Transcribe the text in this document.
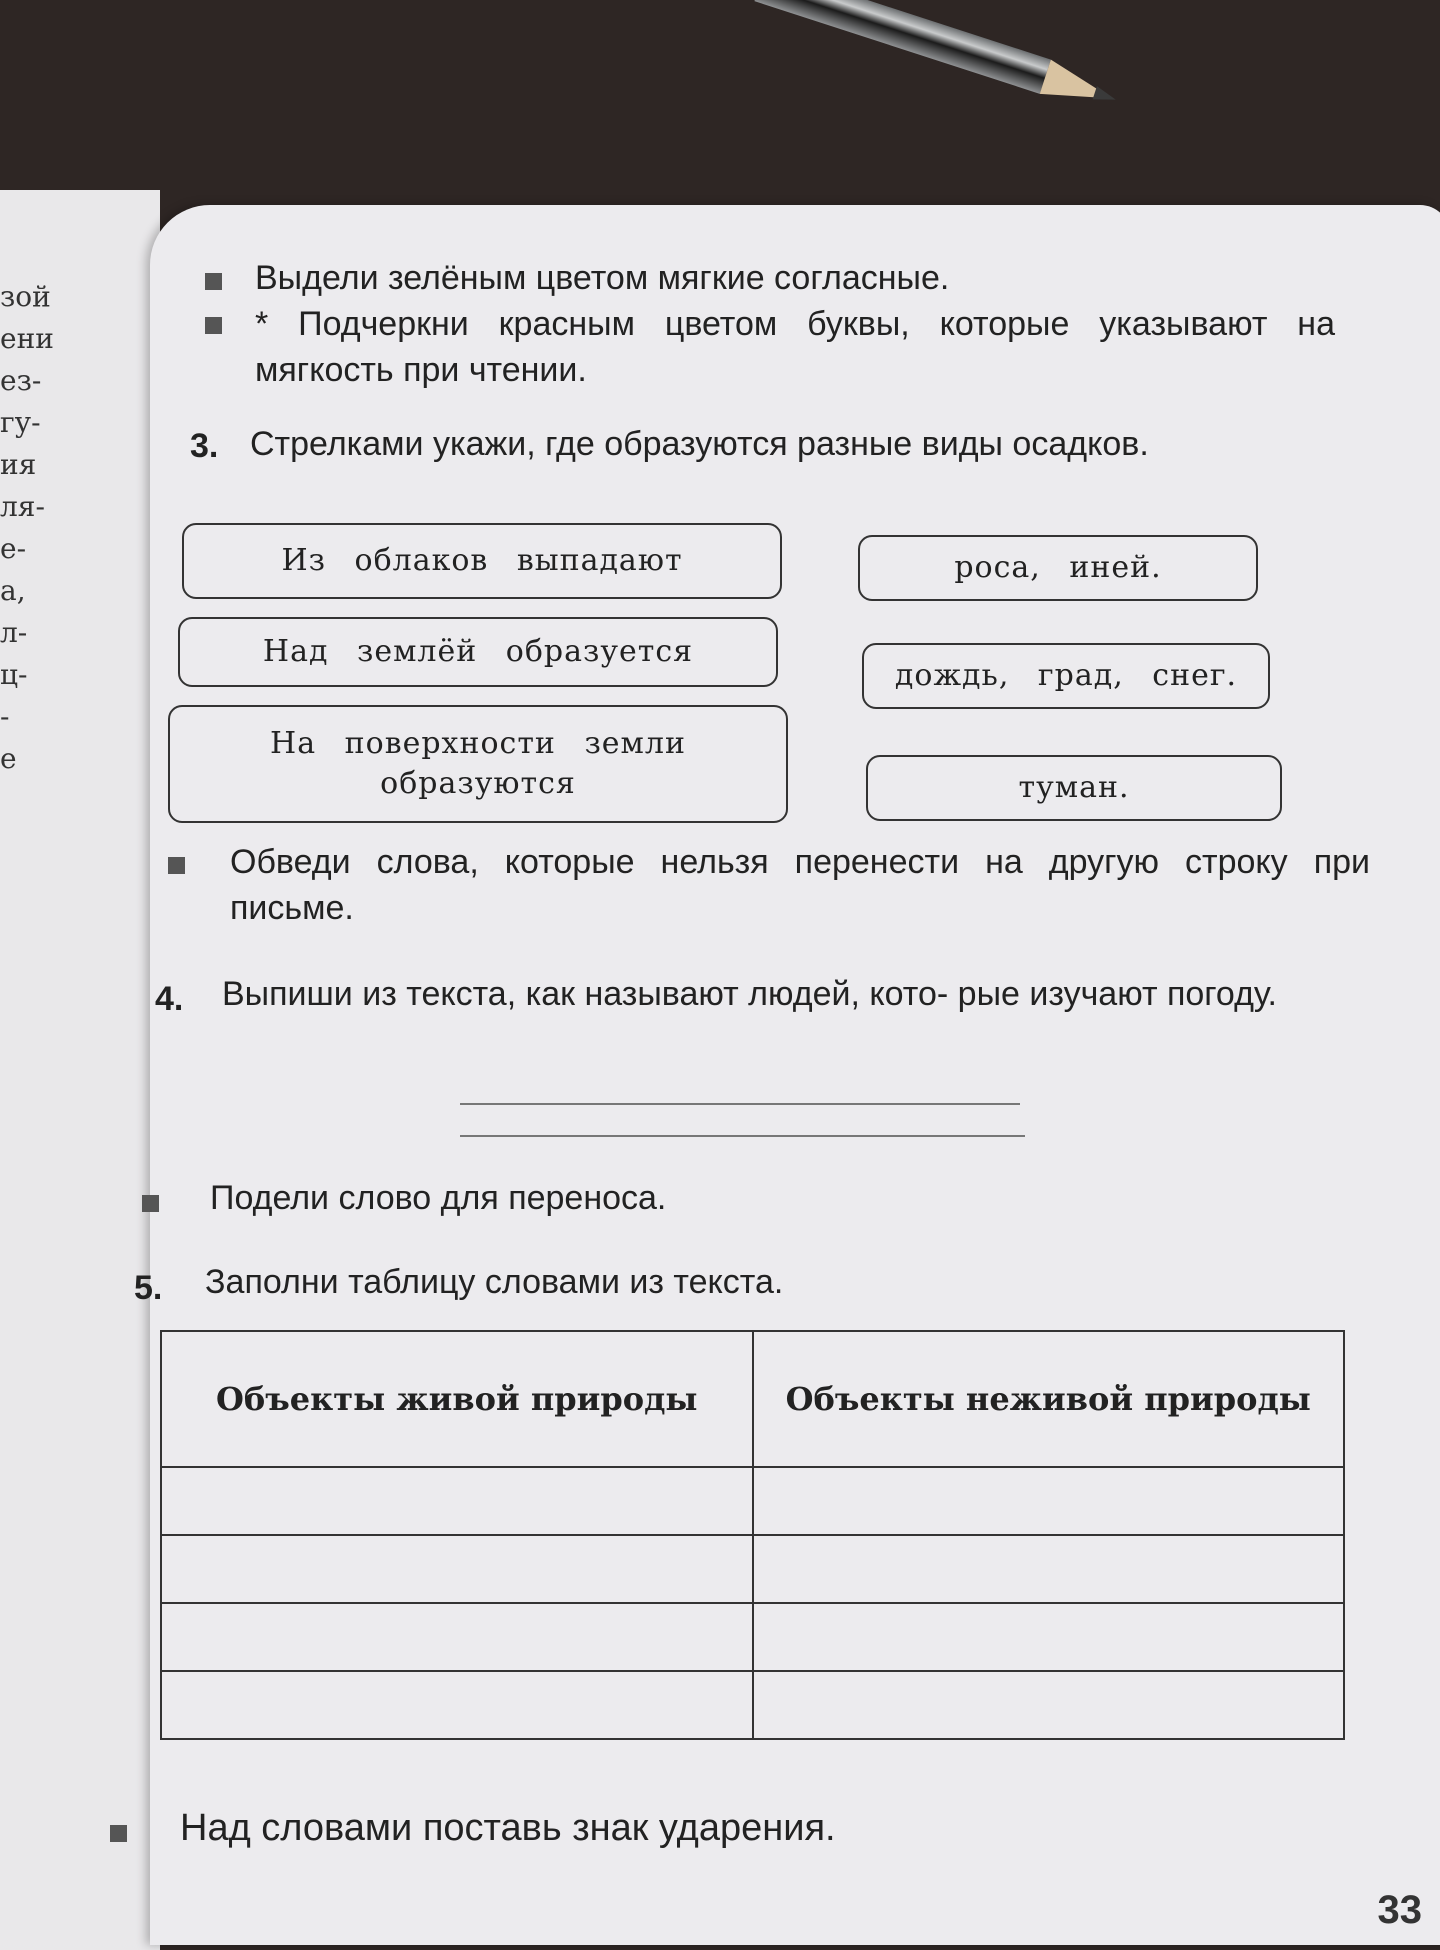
зой
ени
ез-
гу-
ия
ля-
е-
а,
л-
ц-
-
е
Выдели зелёным цветом мягкие согласные.
* Подчеркни красным цветом буквы, которые указывают на мягкость при чтении.
3. Стрелками укажи, где образуются разные виды осадков.
Из облаков выпадают
Над землёй образуется
На поверхности земли образуются
роса, иней.
дождь, град, снег.
туман.
Обведи слова, которые нельзя перенести на другую строку при письме.
4. Выпиши из текста, как называют людей, кото- рые изучают погоду.
Подели слово для переноса.
5. Заполни таблицу словами из текста.
Объекты живой природы	Объекты неживой природы

Над словами поставь знак ударения.
33
